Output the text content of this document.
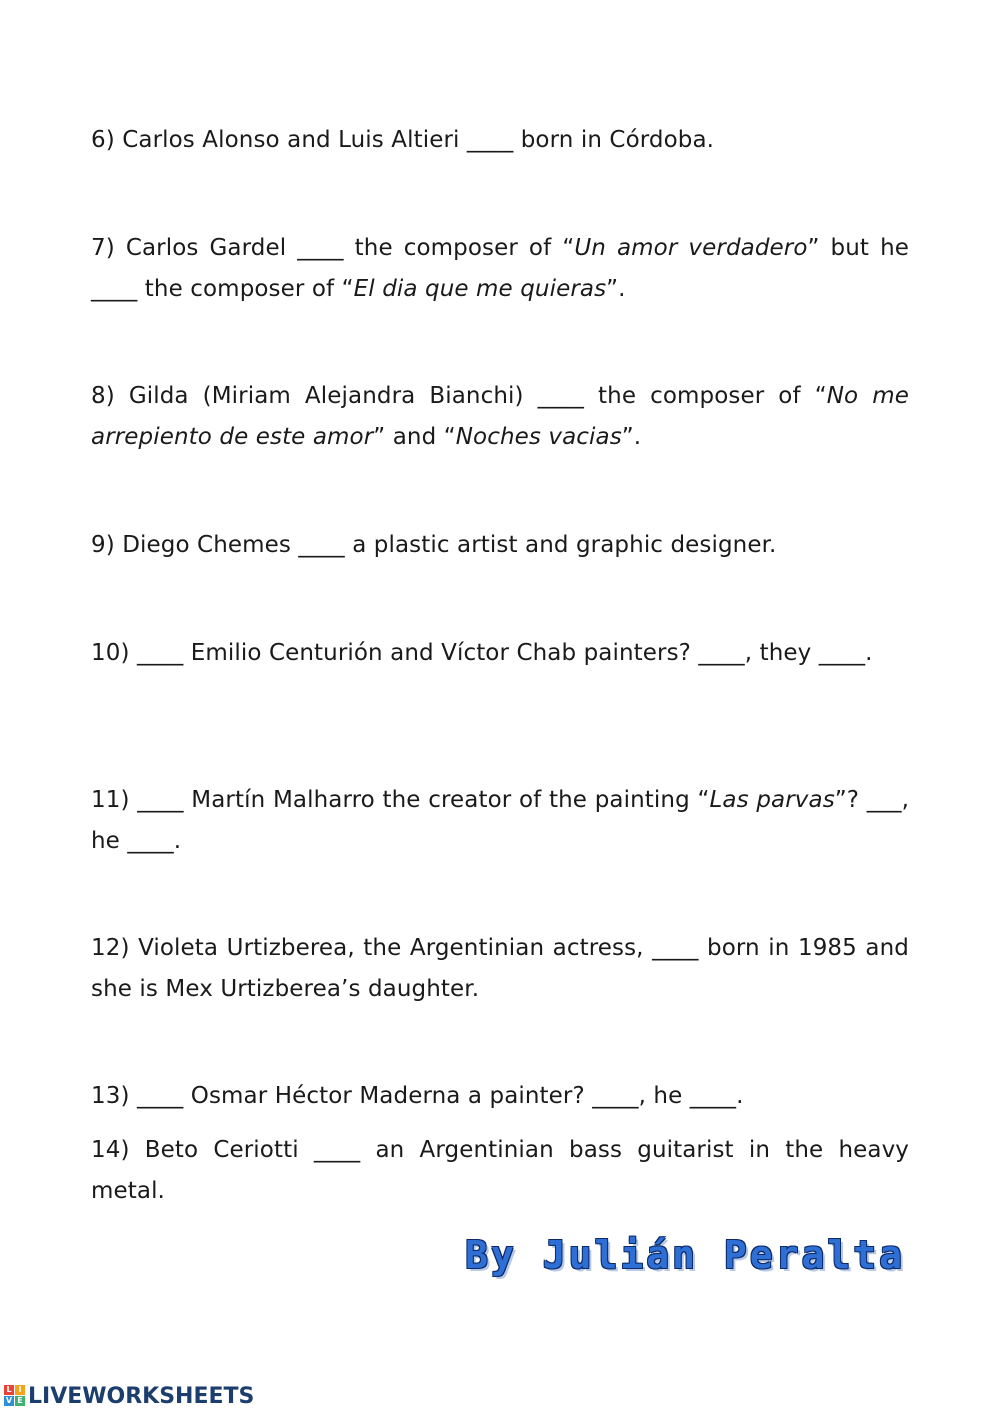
6) Carlos Alonso and Luis Altieri ____ born in Córdoba.

7) Carlos Gardel ____ the composer of “Un amor verdadero” but he ____ the composer of “El dia que me quieras”.

8) Gilda (Miriam Alejandra Bianchi) ____ the composer of “No me arrepiento de este amor” and “Noches vacias”.

9) Diego Chemes ____ a plastic artist and graphic designer.

10) ____ Emilio Centurión and Víctor Chab painters? ____, they ____.

11) ____ Martín Malharro the creator of the painting “Las parvas”? ___, he ____.

12) Violeta Urtizberea, the Argentinian actress, ____ born in 1985 and she is Mex Urtizberea’s daughter.

13) ____ Osmar Héctor Maderna a painter? ____, he ____.

14) Beto Ceriotti ____ an Argentinian bass guitarist in the heavy metal.

By Julián Peralta
L I
V E LIVEWORKSHEETS
